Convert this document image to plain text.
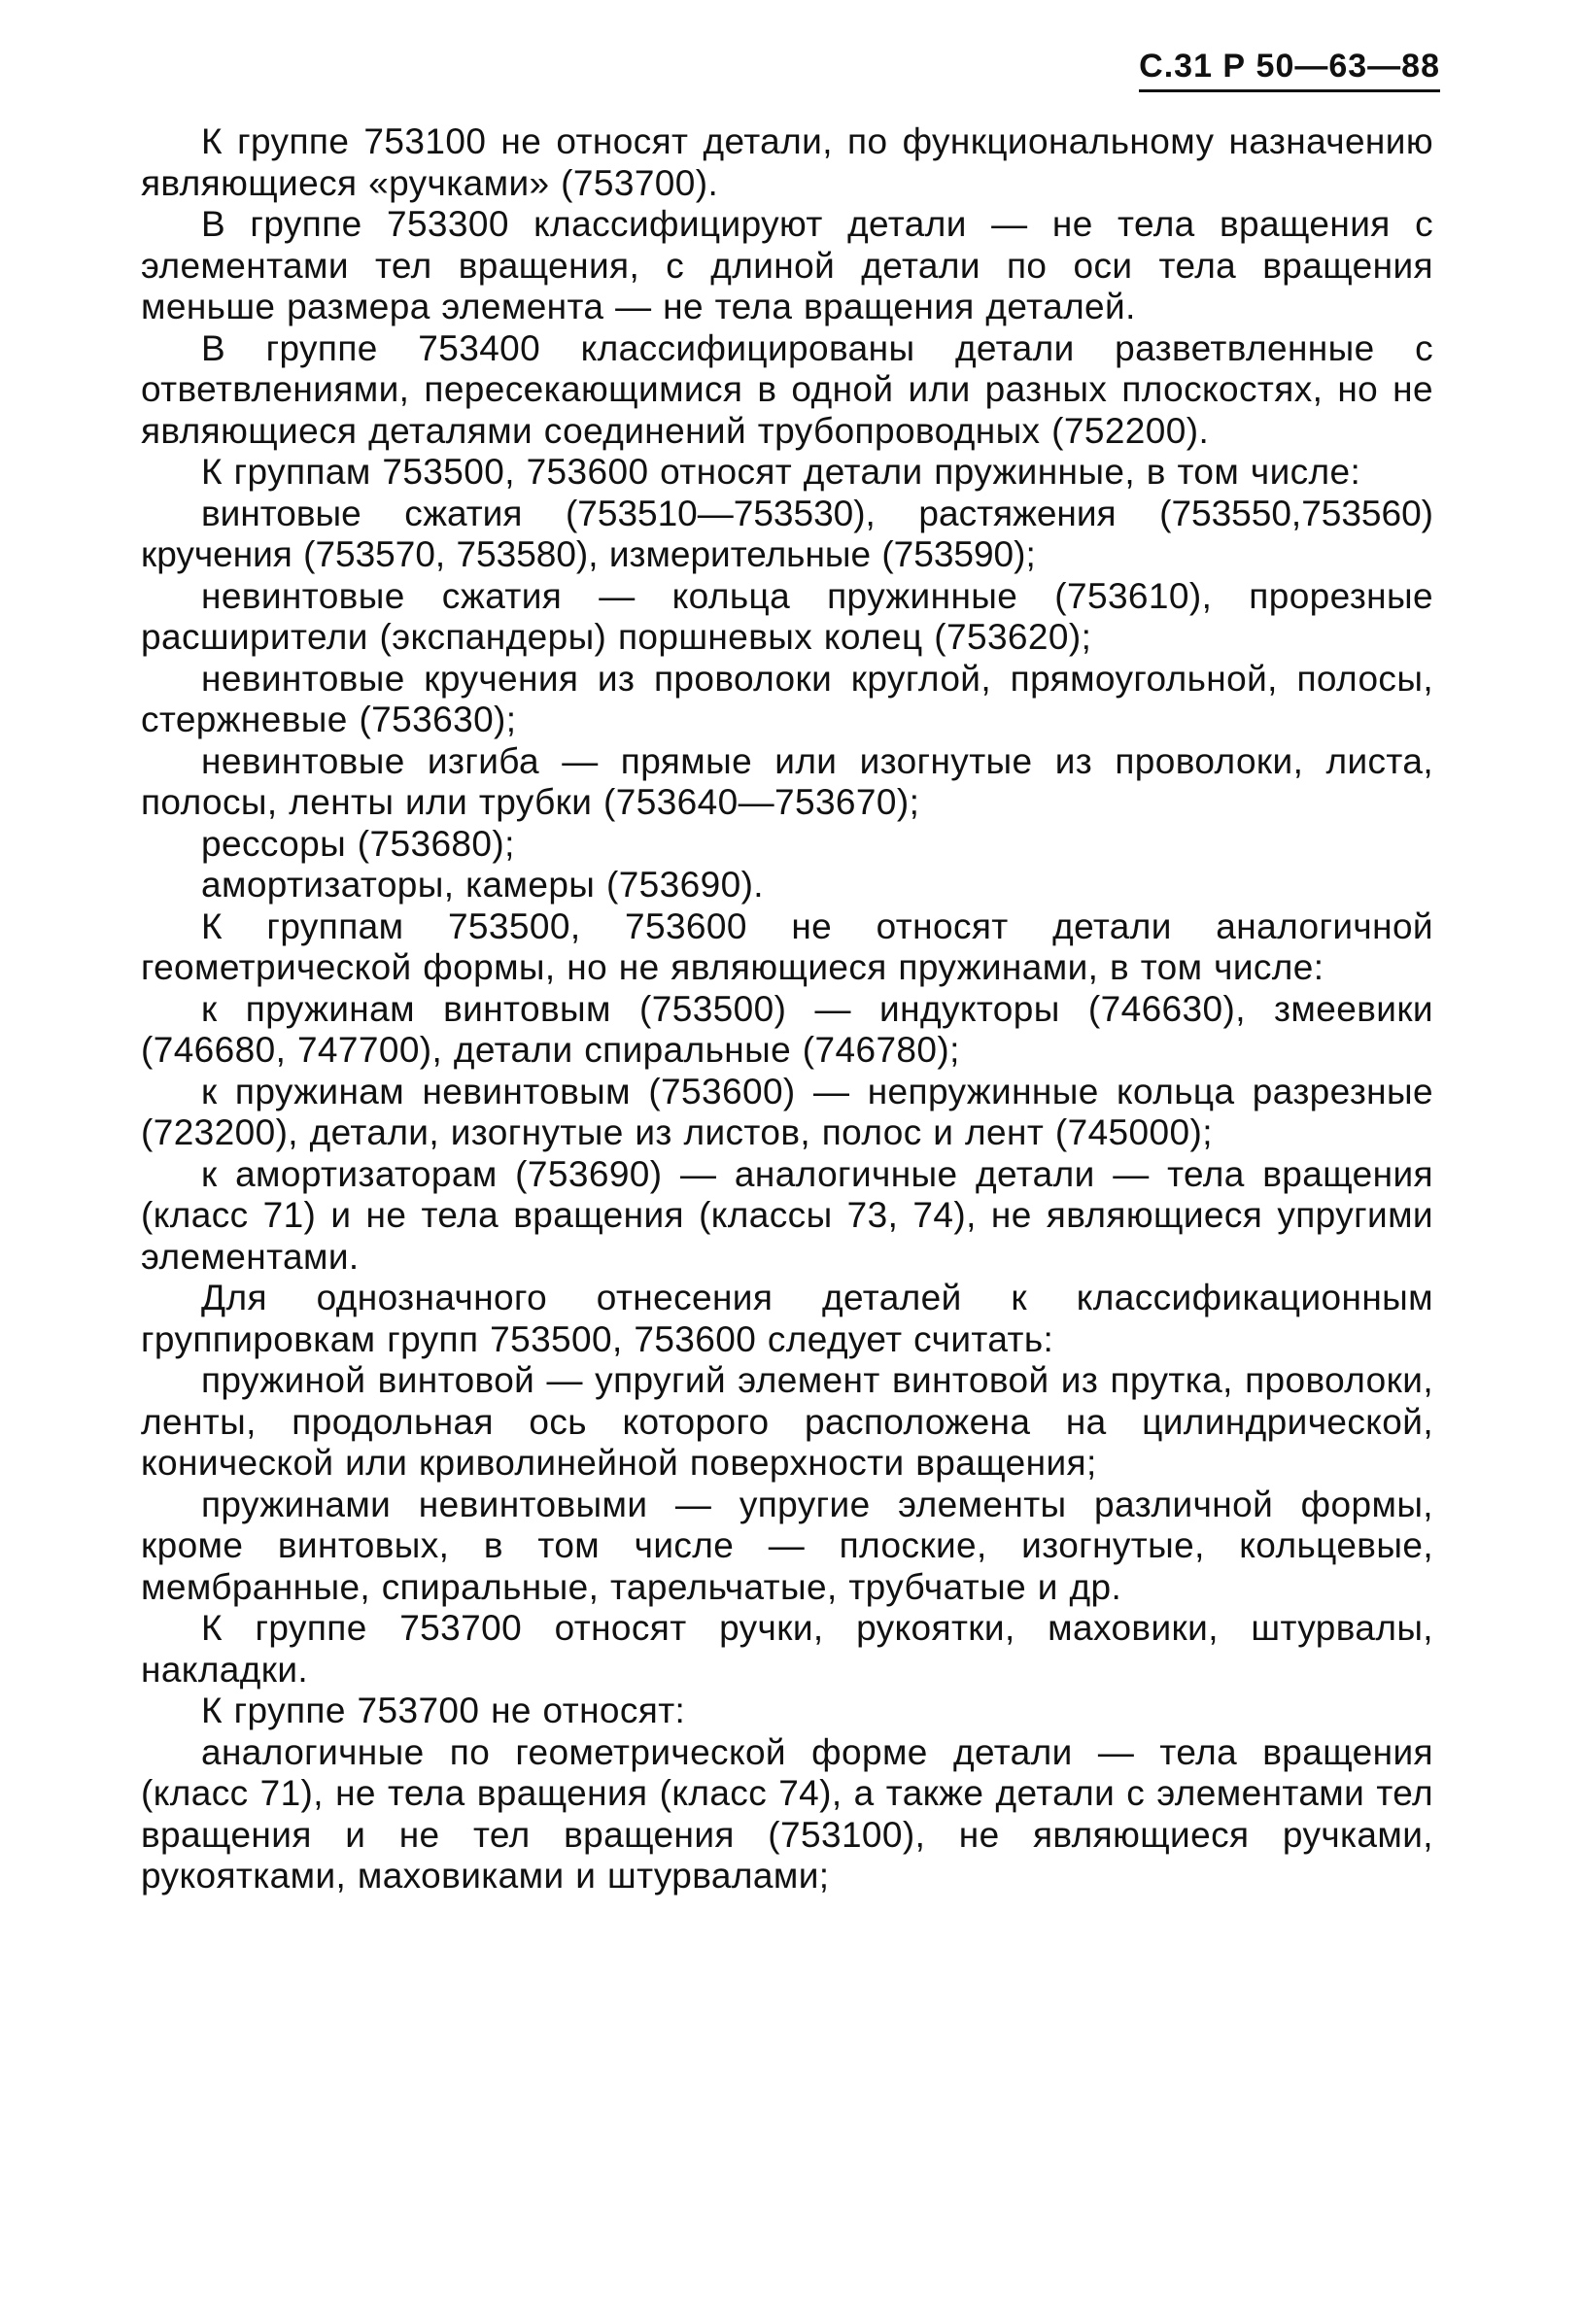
С.31 Р 50—63—88

К группе 753100 не относят детали, по функциональному назначению являющиеся «ручками» (753700).

В группе 753300 классифицируют детали — не тела вращения с элементами тел вращения, с длиной детали по оси тела вращения меньше размера элемента — не тела вращения деталей.

В группе 753400 классифицированы детали разветвленные с ответвлениями, пересекающимися в одной или разных плоскостях, но не являющиеся деталями соединений трубопроводных (752200).

К группам 753500, 753600 относят детали пружинные, в том числе:

винтовые сжатия (753510—753530), растяжения (753550,753560) кручения (753570, 753580), измерительные (753590);

невинтовые сжатия — кольца пружинные (753610), прорезные расширители (экспандеры) поршневых колец (753620);

невинтовые кручения из проволоки круглой, прямоугольной, полосы, стержневые (753630);

невинтовые изгиба — прямые или изогнутые из проволоки, листа, полосы, ленты или трубки (753640—753670);

рессоры (753680);

амортизаторы, камеры (753690).

К группам 753500, 753600 не относят детали аналогичной геометрической формы, но не являющиеся пружинами, в том числе:

к пружинам винтовым (753500) — индукторы (746630), змеевики (746680, 747700), детали спиральные (746780);

к пружинам невинтовым (753600) — непружинные кольца разрезные (723200), детали, изогнутые из листов, полос и лент (745000);

к амортизаторам (753690) — аналогичные детали — тела вращения (класс 71) и не тела вращения (классы 73, 74), не являющиеся упругими элементами.

Для однозначного отнесения деталей к классификационным группировкам групп 753500, 753600 следует считать:

пружиной винтовой — упругий элемент винтовой из прутка, проволоки, ленты, продольная ось которого расположена на цилиндрической, конической или криволинейной поверхности вращения;

пружинами невинтовыми — упругие элементы различной формы, кроме винтовых, в том числе — плоские, изогнутые, кольцевые, мембранные, спиральные, тарельчатые, трубчатые и др.

К группе 753700 относят ручки, рукоятки, маховики, штурвалы, накладки.

К группе 753700 не относят:

аналогичные по геометрической форме детали — тела вращения (класс 71), не тела вращения (класс 74), а также детали с элементами тел вращения и не тел вращения (753100), не являющиеся ручками, рукоятками, маховиками и штурвалами;
